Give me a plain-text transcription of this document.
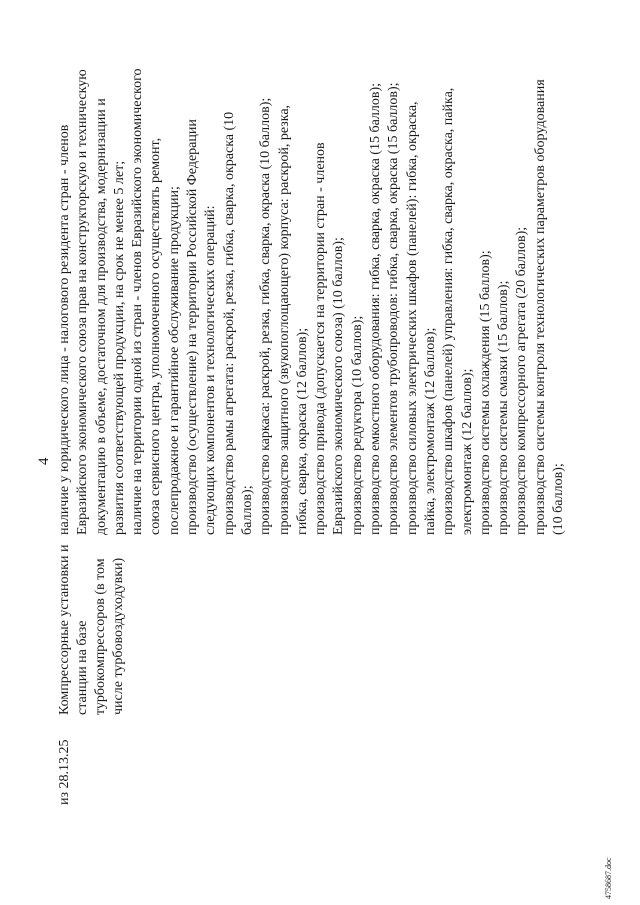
4
из 28.13.25
Компрессорные установки и станции на базе турбокомпрессоров (в том числе турбовоздуходувки)

наличие у юридического лица - налогового резидента стран - членов Евразийского экономического союза прав на конструкторскую и техническую документацию в объеме, достаточном для производства, модернизации и развития соответствующей продукции, на срок не менее 5 лет; наличие на территории одной из стран - членов Евразийского экономического союза сервисного центра, уполномоченного осуществлять ремонт, послепродажное и гарантийное обслуживание продукции; производство (осуществление) на территории Российской Федерации следующих компонентов и технологических операций: производство рамы агрегата: раскрой, резка, гибка, сварка, окраска (10 баллов); производство каркаса: раскрой, резка, гибка, сварка, окраска (10 баллов); производство защитного (звукопоглощающего) корпуса: раскрой, резка, гибка, сварка, окраска (12 баллов); производство привода (допускается на территории стран - членов Евразийского экономического союза) (10 баллов); производство редуктора (10 баллов); производство емкостного оборудования: гибка, сварка, окраска (15 баллов); производство элементов трубопроводов: гибка, сварка, окраска (15 баллов); производство силовых электрических шкафов (панелей): гибка, окраска, пайка, электромонтаж (12 баллов); производство шкафов (панелей) управления: гибка, сварка, окраска, пайка, электромонтаж (12 баллов); производство системы охлаждения (15 баллов); производство системы смазки (15 баллов); производство компрессорного агрегата (20 баллов); производство системы контроля технологических параметров оборудования (10 баллов);

4758687.doc
